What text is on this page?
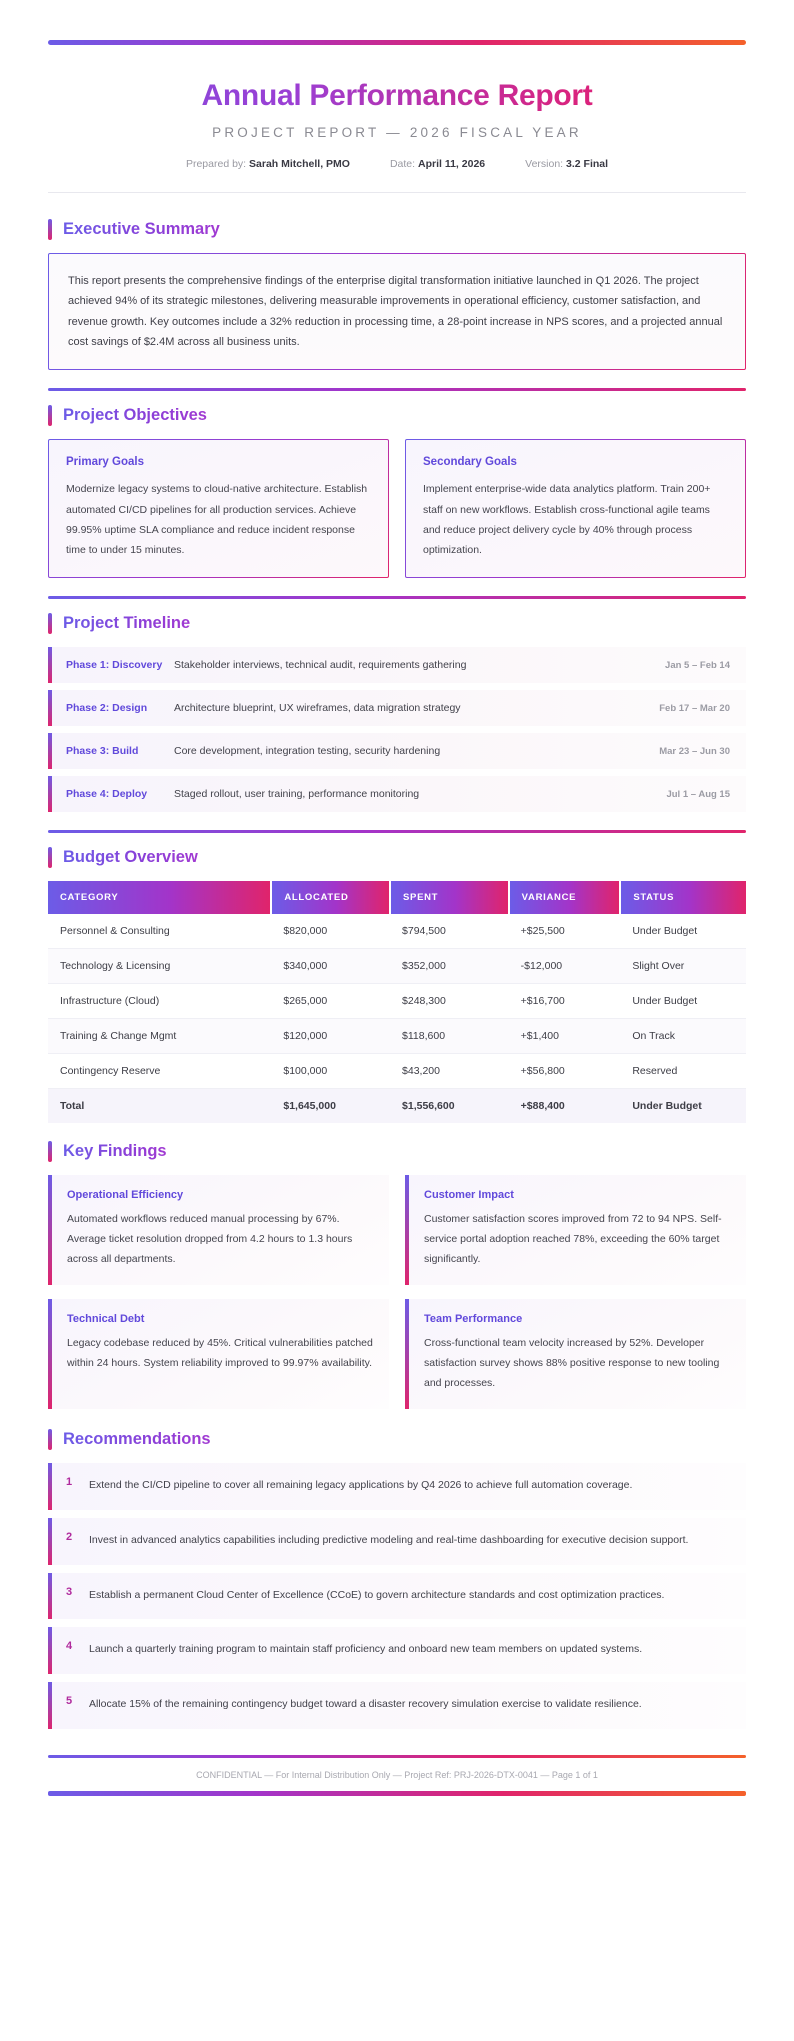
Annual Performance Report
PROJECT REPORT — 2026 FISCAL YEAR
Prepared by: Sarah Mitchell, PMO	Date: April 11, 2026	Version: 3.2 Final
Executive Summary
This report presents the comprehensive findings of the enterprise digital transformation initiative launched in Q1 2026. The project achieved 94% of its strategic milestones, delivering measurable improvements in operational efficiency, customer satisfaction, and revenue growth. Key outcomes include a 32% reduction in processing time, a 28-point increase in NPS scores, and a projected annual cost savings of $2.4M across all business units.
Project Objectives
Primary Goals

Modernize legacy systems to cloud-native architecture. Establish automated CI/CD pipelines for all production services. Achieve 99.95% uptime SLA compliance and reduce incident response time to under 15 minutes.

Secondary Goals

Implement enterprise-wide data analytics platform. Train 200+ staff on new workflows. Establish cross-functional agile teams and reduce project delivery cycle by 40% through process optimization.

Project Timeline
Phase 1: Discovery	Stakeholder interviews, technical audit, requirements gathering	Jan 5 – Feb 14
Phase 2: Design	Architecture blueprint, UX wireframes, data migration strategy	Feb 17 – Mar 20
Phase 3: Build	Core development, integration testing, security hardening	Mar 23 – Jun 30
Phase 4: Deploy	Staged rollout, user training, performance monitoring	Jul 1 – Aug 15
Budget Overview
CATEGORY	ALLOCATED	SPENT	VARIANCE	STATUS
Personnel & Consulting	$820,000	$794,500	+$25,500	Under Budget
Technology & Licensing	$340,000	$352,000	-$12,000	Slight Over
Infrastructure (Cloud)	$265,000	$248,300	+$16,700	Under Budget
Training & Change Mgmt	$120,000	$118,600	+$1,400	On Track
Contingency Reserve	$100,000	$43,200	+$56,800	Reserved
Total	$1,645,000	$1,556,600	+$88,400	Under Budget
Key Findings
Operational Efficiency

Automated workflows reduced manual processing by 67%. Average ticket resolution dropped from 4.2 hours to 1.3 hours across all departments.

Customer Impact

Customer satisfaction scores improved from 72 to 94 NPS. Self-service portal adoption reached 78%, exceeding the 60% target significantly.

Technical Debt

Legacy codebase reduced by 45%. Critical vulnerabilities patched within 24 hours. System reliability improved to 99.97% availability.

Team Performance

Cross-functional team velocity increased by 52%. Developer satisfaction survey shows 88% positive response to new tooling and processes.

Recommendations
1	Extend the CI/CD pipeline to cover all remaining legacy applications by Q4 2026 to achieve full automation coverage.
2	Invest in advanced analytics capabilities including predictive modeling and real-time dashboarding for executive decision support.
3	Establish a permanent Cloud Center of Excellence (CCoE) to govern architecture standards and cost optimization practices.
4	Launch a quarterly training program to maintain staff proficiency and onboard new team members on updated systems.
5	Allocate 15% of the remaining contingency budget toward a disaster recovery simulation exercise to validate resilience.
CONFIDENTIAL — For Internal Distribution Only — Project Ref: PRJ-2026-DTX-0041 — Page 1 of 1
